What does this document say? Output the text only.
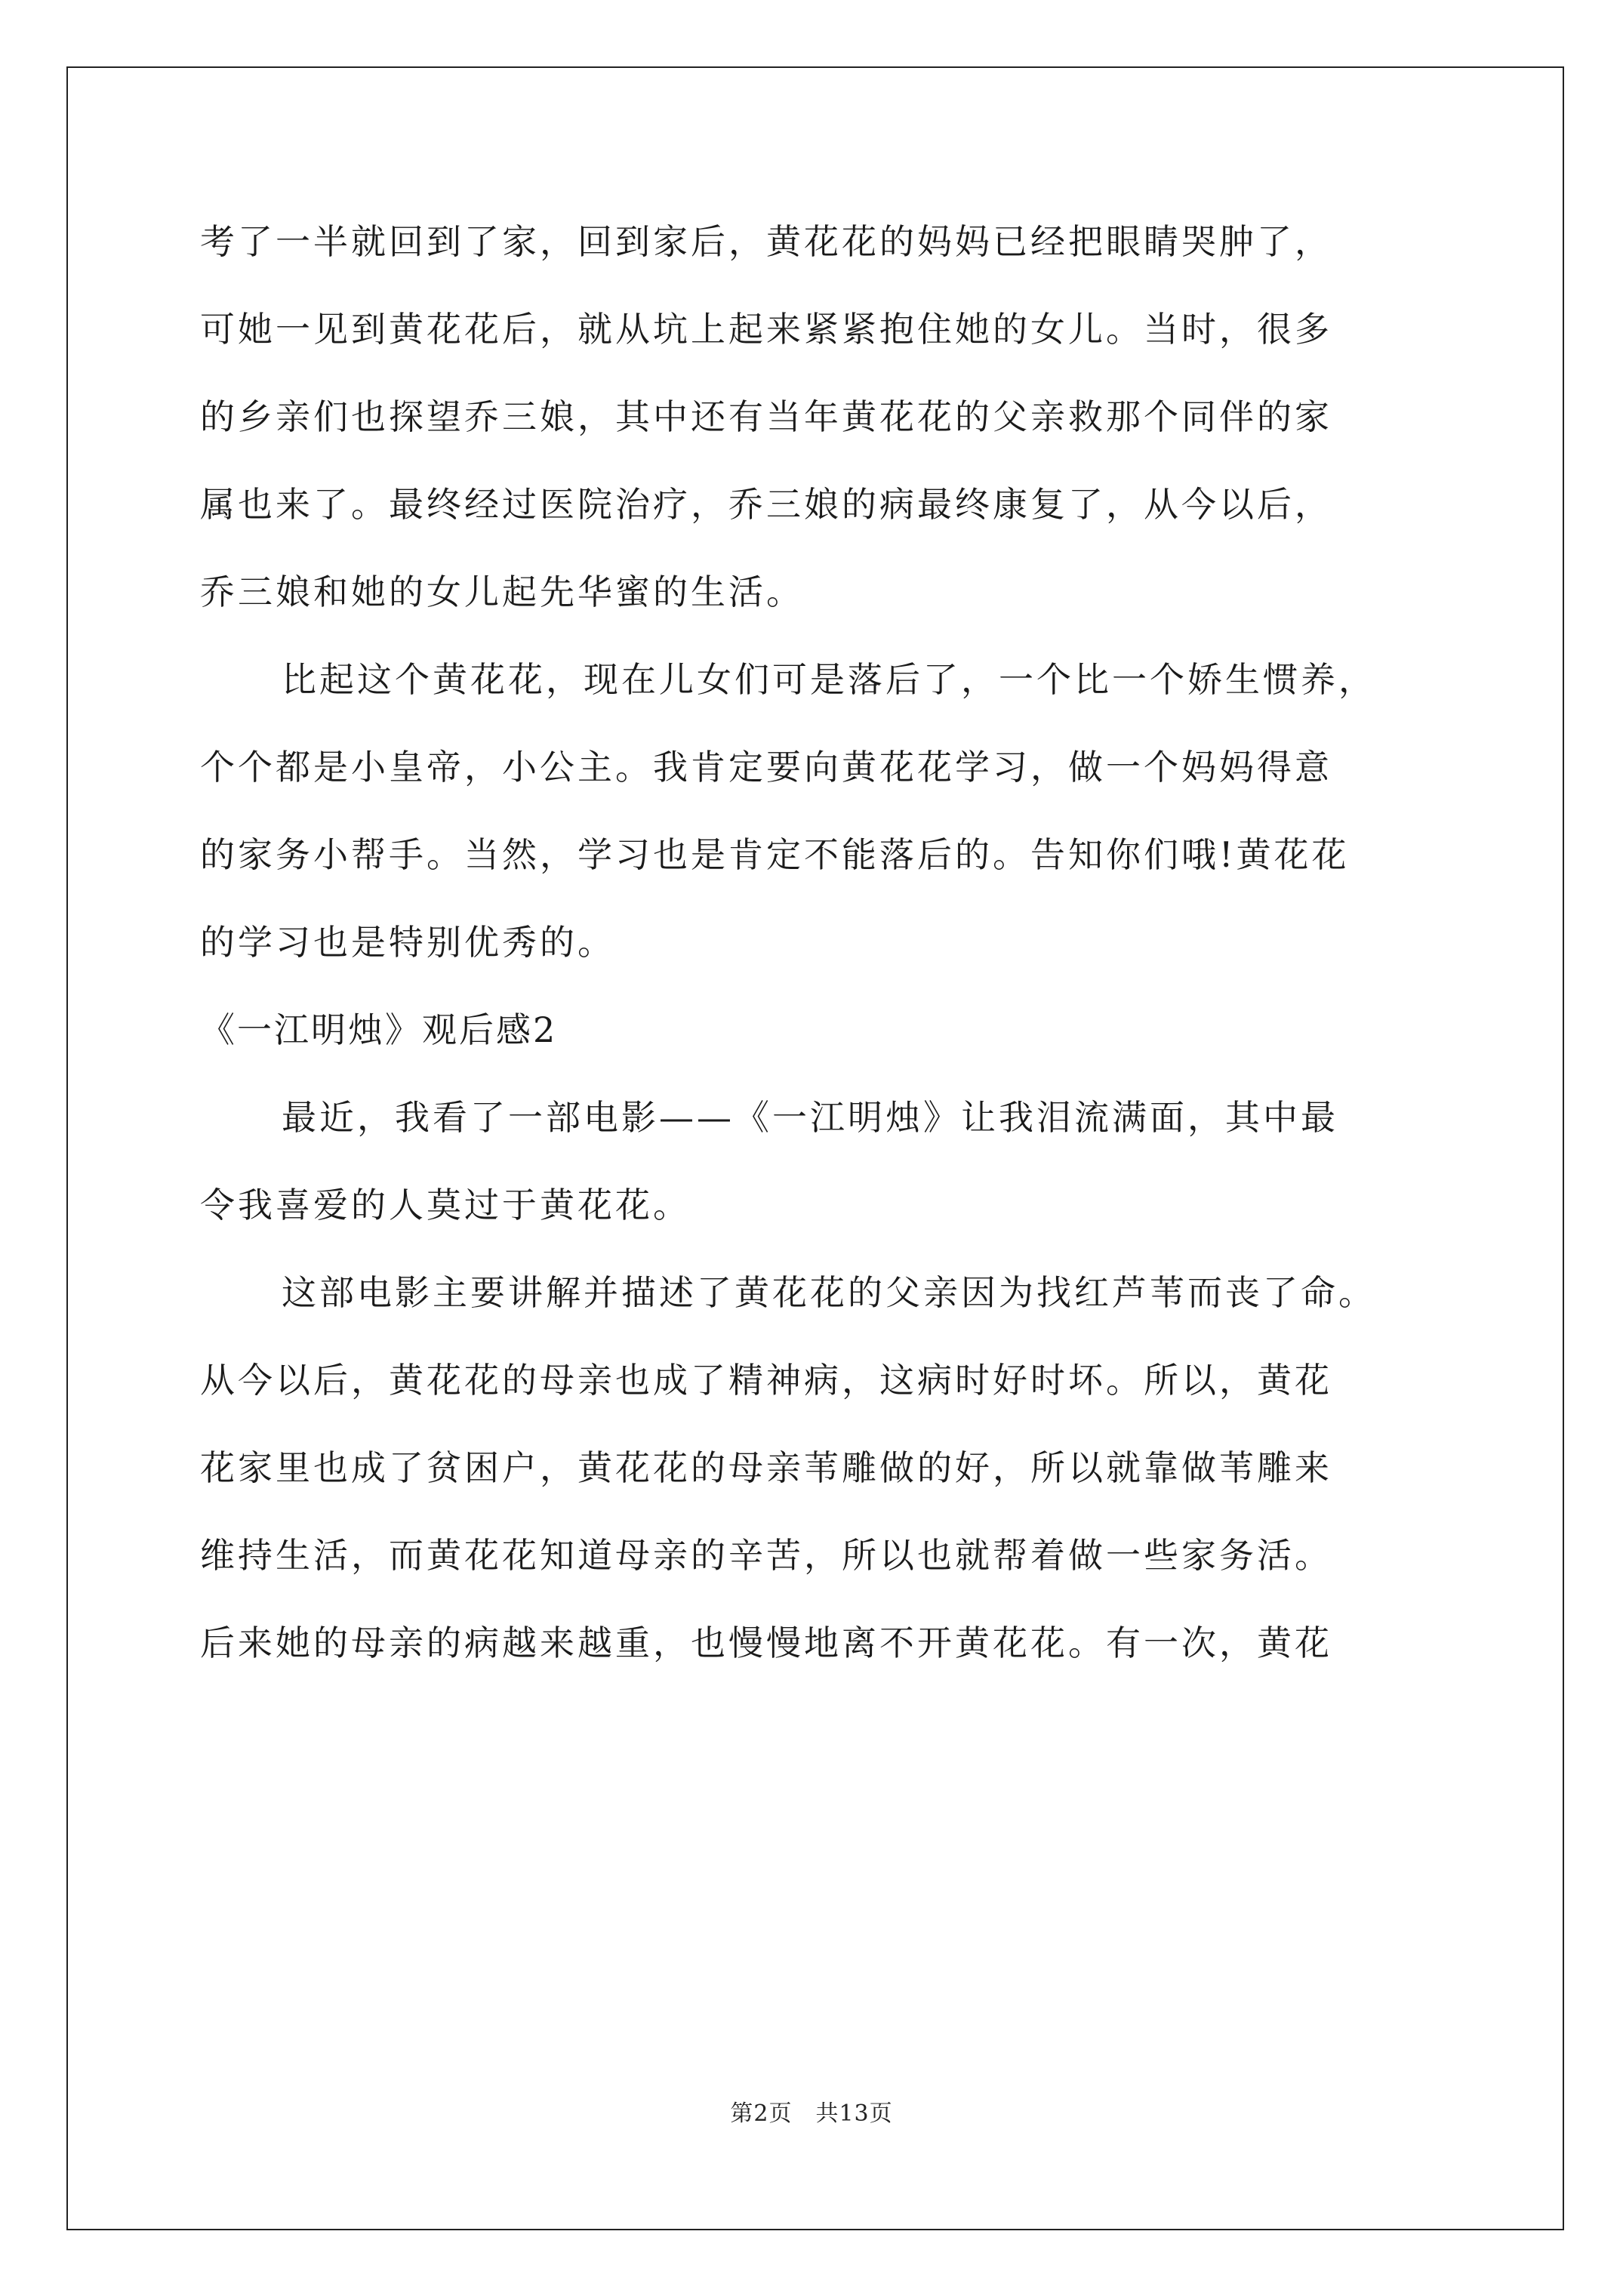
考了一半就回到了家，回到家后，黄花花的妈妈已经把眼睛哭肿了，
可她一见到黄花花后，就从坑上起来紧紧抱住她的女儿。当时，很多
的乡亲们也探望乔三娘，其中还有当年黄花花的父亲救那个同伴的家
属也来了。最终经过医院治疗，乔三娘的病最终康复了，从今以后，
乔三娘和她的女儿起先华蜜的生活。
比起这个黄花花，现在儿女们可是落后了，一个比一个娇生惯养，
个个都是小皇帝，小公主。我肯定要向黄花花学习，做一个妈妈得意
的家务小帮手。当然，学习也是肯定不能落后的。告知你们哦!黄花花
的学习也是特别优秀的。
《一江明烛》观后感2
最近，我看了一部电影——《一江明烛》让我泪流满面，其中最
令我喜爱的人莫过于黄花花。
这部电影主要讲解并描述了黄花花的父亲因为找红芦苇而丧了命。
从今以后，黄花花的母亲也成了精神病，这病时好时坏。所以，黄花
花家里也成了贫困户，黄花花的母亲苇雕做的好，所以就靠做苇雕来
维持生活，而黄花花知道母亲的辛苦，所以也就帮着做一些家务活。
后来她的母亲的病越来越重，也慢慢地离不开黄花花。有一次，黄花
第2页　共13页
